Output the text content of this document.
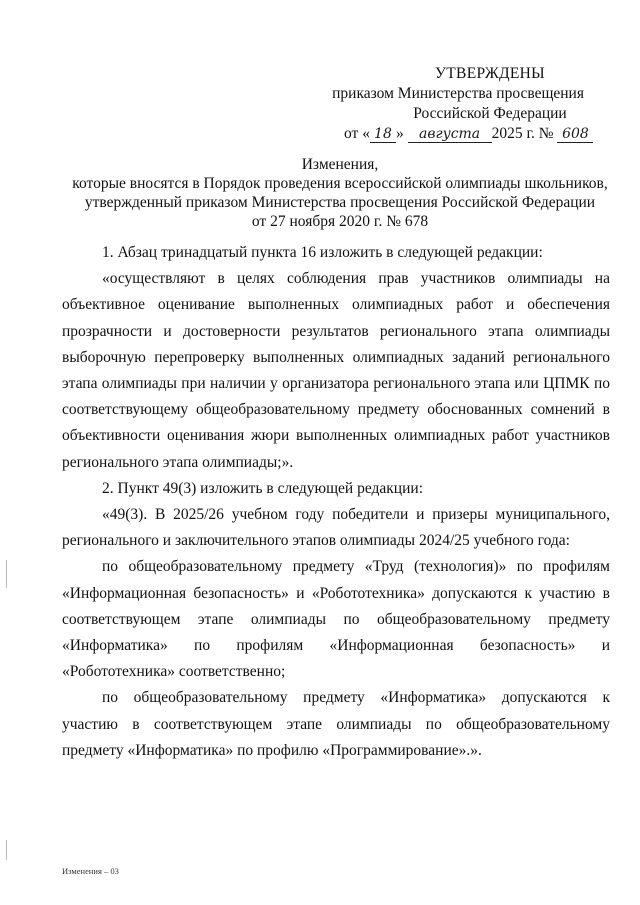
УТВЕРЖДЕНЫ
приказом Министерства просвещения
Российской Федерации
от « 18 » августа 2025 г. № 608
Изменения,
которые вносятся в Порядок проведения всероссийской олимпиады школьников,
утвержденный приказом Министерства просвещения Российской Федерации
от 27 ноября 2020 г. № 678

1. Абзац тринадцатый пункта 16 изложить в следующей редакции:

«осуществляют в целях соблюдения прав участников олимпиады на объективное оценивание выполненных олимпиадных работ и обеспечения прозрачности и достоверности результатов регионального этапа олимпиады выборочную перепроверку выполненных олимпиадных заданий регионального этапа олимпиады при наличии у организатора регионального этапа или ЦПМК по соответствующему общеобразовательному предмету обоснованных сомнений в объективности оценивания жюри выполненных олимпиадных работ участников регионального этапа олимпиады;».

2. Пункт 49(3) изложить в следующей редакции:

«49(3). В 2025/26 учебном году победители и призеры муниципального, регионального и заключительного этапов олимпиады 2024/25 учебного года:

по общеобразовательному предмету «Труд (технология)» по профилям «Информационная безопасность» и «Робототехника» допускаются к участию в соответствующем этапе олимпиады по общеобразовательному предмету «Информатика» по профилям «Информационная безопасность» и «Робототехника» соответственно;

по общеобразовательному предмету «Информатика» допускаются к участию в соответствующем этапе олимпиады по общеобразовательному предмету «Информатика» по профилю «Программирование».».

Изменения – 03
